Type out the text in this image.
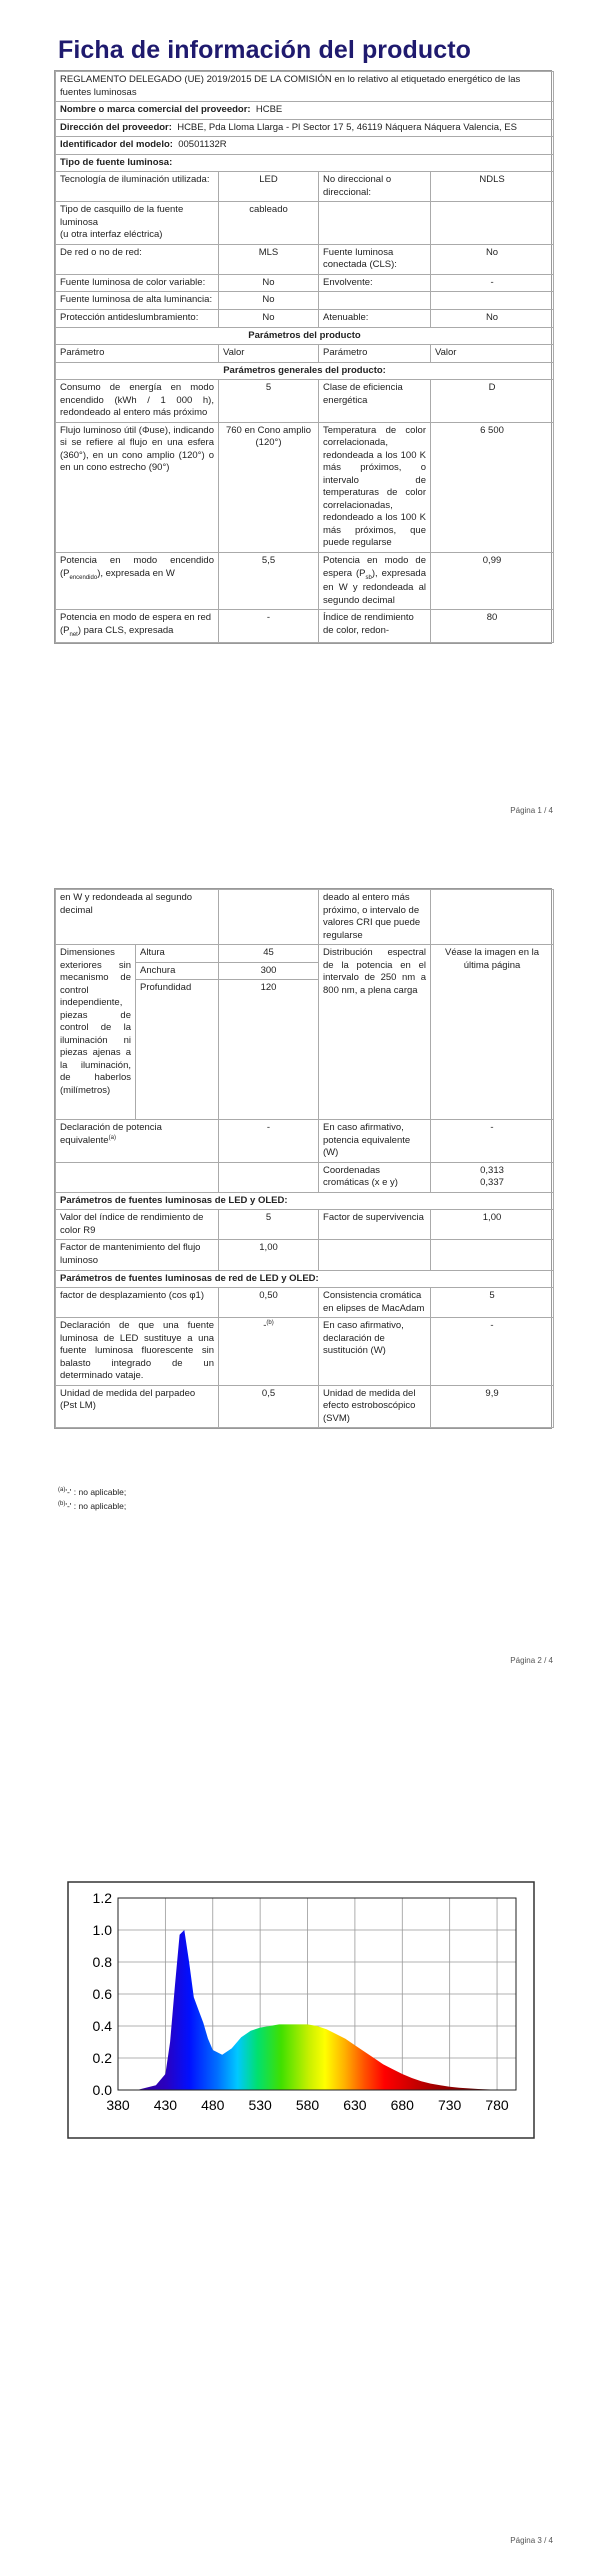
Ficha de información del producto
REGLAMENTO DELEGADO (UE) 2019/2015 DE LA COMISIÓN en lo relativo al etiquetado energético de las fuentes luminosas			
Nombre o marca comercial del proveedor: HCBE			
Dirección del proveedor: HCBE, Pda Lloma Llarga - Pl Sector 17 5, 46119 Náquera Náquera Valencia, ES			
Identificador del modelo: 00501132R			
Tipo de fuente luminosa:			
Tecnología de iluminación utilizada:	LED	No direccional o direccional:	NDLS
Tipo de casquillo de la fuente luminosa
(u otra interfaz eléctrica)	cableado		
De red o no de red:	MLS	Fuente luminosa conectada (CLS):	No
Fuente luminosa de color variable:	No	Envolvente:	-
Fuente luminosa de alta luminancia:	No		
Protección antideslumbramiento:	No	Atenuable:	No
Parámetros del producto			
Parámetro	Valor	Parámetro	Valor
Parámetros generales del producto:			
Consumo de energía en modo encendido (kWh / 1 000 h), redondeado al entero más próximo	5	Clase de eficiencia energética	D
Flujo luminoso útil (Φuse), indicando si se refiere al flujo en una esfera (360°), en un cono amplio (120°) o en un cono estrecho (90°)	760 en Cono amplio (120°)	Temperatura de color correlacionada, redondeada a los 100 K más próximos, o intervalo de temperaturas de color correlacionadas, redondeado a los 100 K más próximos, que puede regularse	6 500
Potencia en modo encendido $(P_{encendido})$, expresada en W	5,5	Potencia en modo de espera $(P_{sb})$, expresada en W y redondeada al segundo decimal	0,99
Potencia en modo de espera en red $(P_{net})$ para CLS, expresada	-	Índice de rendimiento de color, redon-	80
Página 1 / 4
en W y redondeada al segundo decimal			deado al entero más próximo, o intervalo de valores CRI que puede regularse	
Dimensiones exteriores sin mecanismo de control independiente, piezas de control de la iluminación ni piezas ajenas a la iluminación, de haberlos (milímetros)	Altura	45	Distribución espectral de la potencia en el intervalo de 250 nm a 800 nm, a plena carga	Véase la imagen en la última página
	Anchura	300		
	Profundidad	120		
Declaración de potencia equivalente$^{(a)}$		-	En caso afirmativo, potencia equivalente (W)	-
			Coordenadas cromáticas (x e y)	0,313
0,337

Parámetros de fuentes luminosas de LED y OLED:				
Valor del índice de rendimiento de color R9		5	Factor de supervivencia	1,00
Factor de mantenimiento del flujo luminoso		1,00		
Parámetros de fuentes luminosas de red de LED y OLED:				
factor de desplazamiento (cos φ1)		0,50	Consistencia cromática en elipses de MacAdam	5
Declaración de que una fuente luminosa de LED sustituye a una fuente luminosa fluorescente sin balasto integrado de un determinado vataje.		-$^{(b)}$	En caso afirmativo, declaración de sustitución (W)	-
Unidad de medida del parpadeo (Pst LM)		0,5	Unidad de medida del efecto estroboscópico (SVM)	9,9
$^{(a)}$'-' : no aplicable;
$^{(b)}$'-' : no aplicable;
Página 2 / 4
0.0
0.2
0.4
0.6
0.8
1.0
1.2
380 430 480 530 580 630 680 730 780
Página 3 / 4
